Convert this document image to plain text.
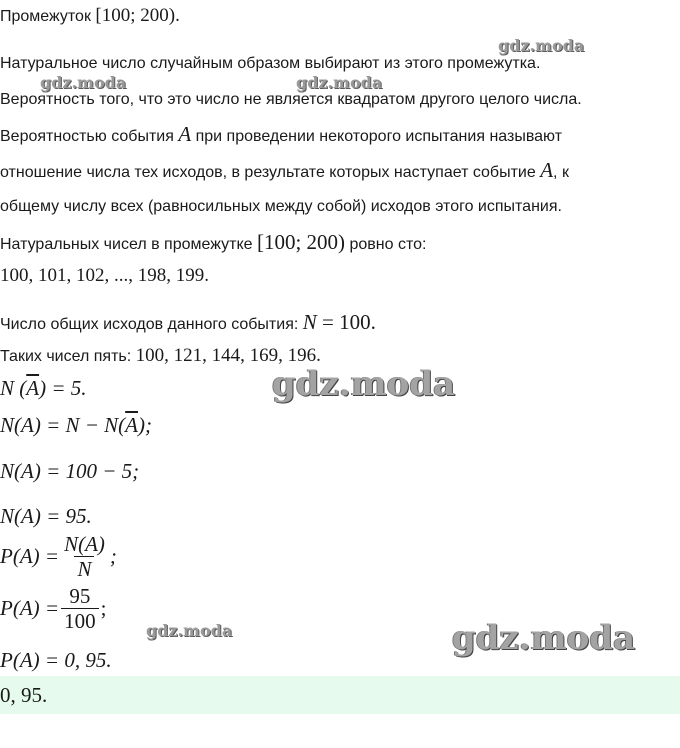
Промежуток [100; 200).
Натуральное число случайным образом выбирают из этого промежутка.
Вероятность того, что это число не является квадратом другого целого числа.
Вероятностью события A при проведении некоторого испытания называют
отношение числа тех исходов, в результате которых наступает событие A, к
общему числу всех (равносильных между собой) исходов этого испытания.
Натуральных чисел в промежутке [100; 200) ровно сто:
100, 101, 102, ..., 198, 199.
Число общих исходов данного события: N = 100.
Таких чисел пять: 100, 121, 144, 169, 196.
N $(\overline{A}) = 5$.
$N(A) = N - N(\overline{A})$;
N(A) = 100 − 5;
N(A) = 95.
$P(A) = \frac{N(A)}{N}$ ;
$P(A) = \frac{95}{100}$ ;
P(A) = 0, 95.
0, 95.
gdz.moda
gdz.moda	gdz.moda
gdz.moda
gdz.moda	gdz.moda
